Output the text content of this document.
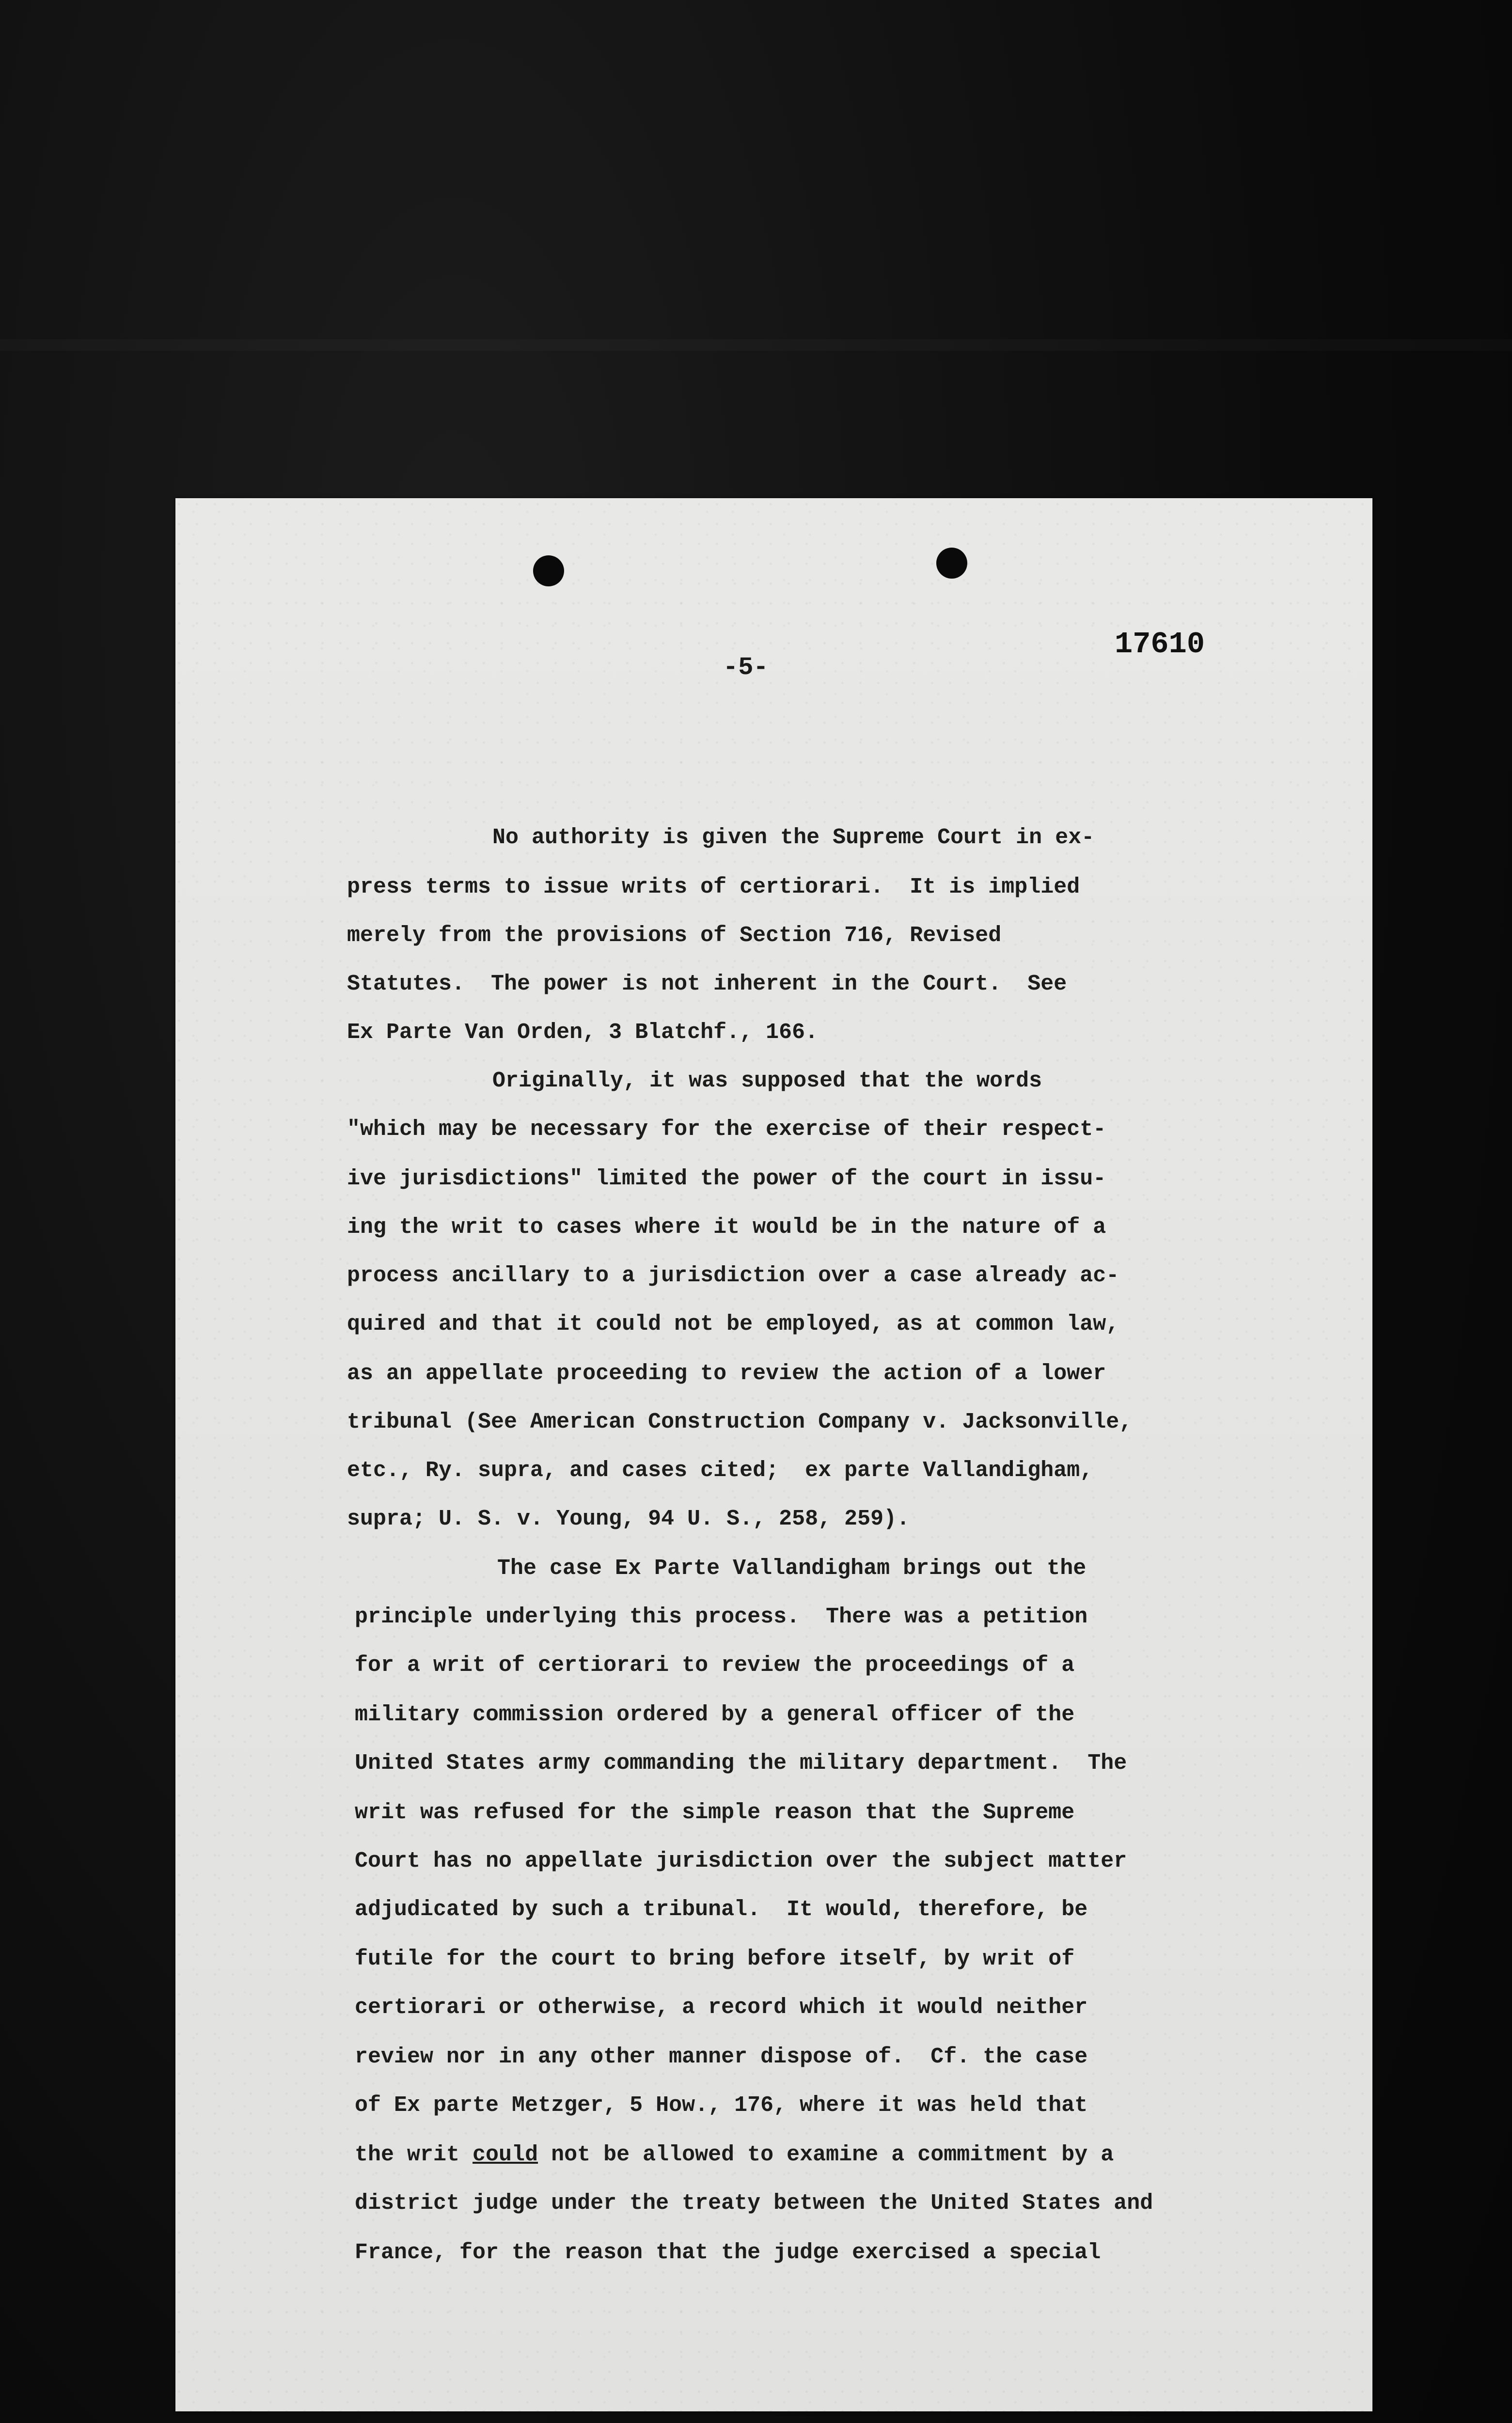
-5-
17610
No authority is given the Supreme Court in ex-
press terms to issue writs of certiorari.  It is implied
merely from the provisions of Section 716, Revised
Statutes.  The power is not inherent in the Court.  See
Ex Parte Van Orden, 3 Blatchf., 166.
Originally, it was supposed that the words
"which may be necessary for the exercise of their respect-
ive jurisdictions" limited the power of the court in issu-
ing the writ to cases where it would be in the nature of a
process ancillary to a jurisdiction over a case already ac-
quired and that it could not be employed, as at common law,
as an appellate proceeding to review the action of a lower
tribunal (See American Construction Company v. Jacksonville,
etc., Ry. supra, and cases cited;  ex parte Vallandigham,
supra; U. S. v. Young, 94 U. S., 258, 259).
The case Ex Parte Vallandigham brings out the
principle underlying this process.  There was a petition
for a writ of certiorari to review the proceedings of a
military commission ordered by a general officer of the
United States army commanding the military department.  The
writ was refused for the simple reason that the Supreme
Court has no appellate jurisdiction over the subject matter
adjudicated by such a tribunal.  It would, therefore, be
futile for the court to bring before itself, by writ of
certiorari or otherwise, a record which it would neither
review nor in any other manner dispose of.  Cf. the case
of Ex parte Metzger, 5 How., 176, where it was held that
the writ could not be allowed to examine a commitment by a
district judge under the treaty between the United States and
France, for the reason that the judge exercised a special
